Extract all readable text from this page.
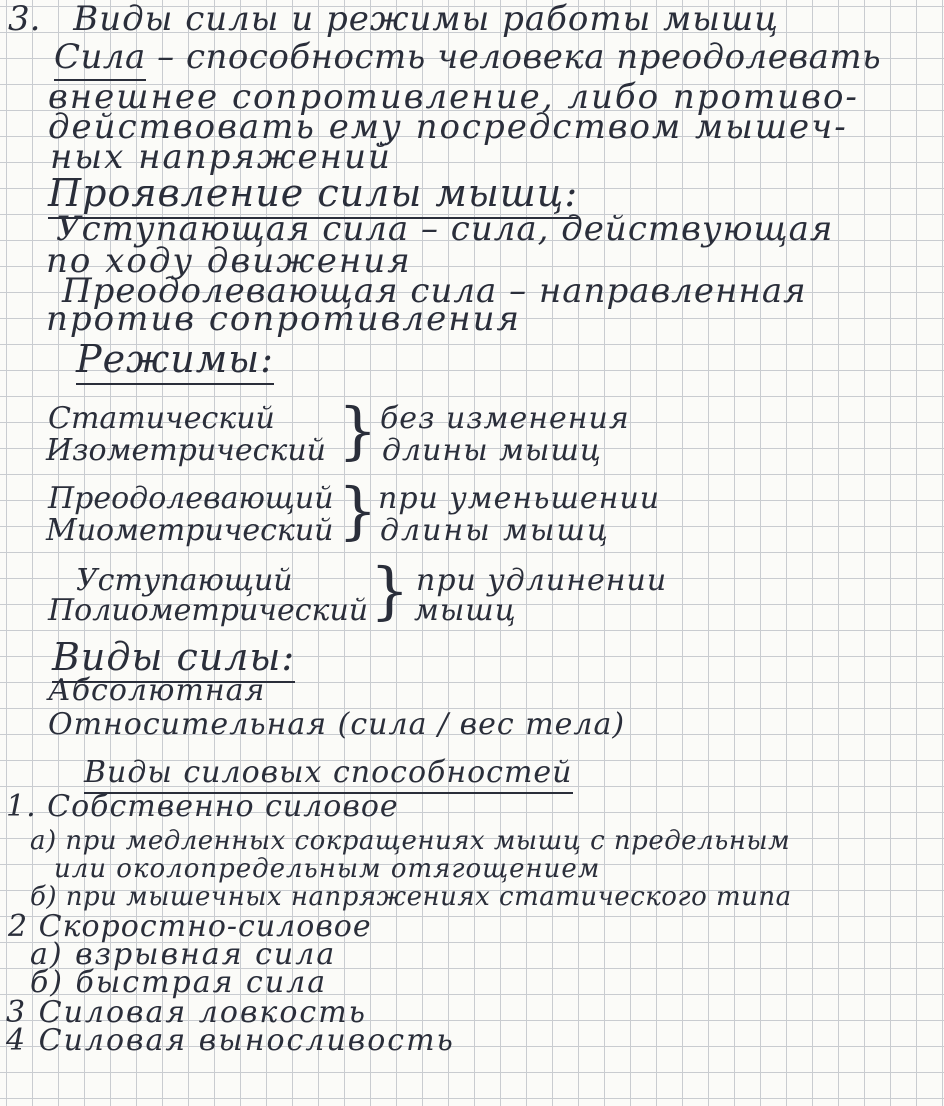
3. Виды силы и режимы работы мышц
Сила – способность человека преодолевать
внешнее сопротивление, либо противо-
действовать ему посредством мышеч-
ных напряжений
Проявление силы мышц:
Уступающая сила – сила, действующая
по ходу движения
Преодолевающая сила – направленная
против сопротивления
Режимы:
Статический
Изометрический } без изменения
длины мышц
Преодолевающий
Миометрический } при уменьшении
длины мышц
Уступающий
Полиометрический } при удлинении
мышц
Виды силы:
Абсолютная
Относительная (сила / вес тела)
Виды силовых способностей
1. Собственно силовое
а) при медленных сокращениях мышц с предельным
или околопредельным отягощением
б) при мышечных напряжениях статического типа
2 Скоростно-силовое
а) взрывная сила
б) быстрая сила
3 Силовая ловкость
4 Силовая выносливость
